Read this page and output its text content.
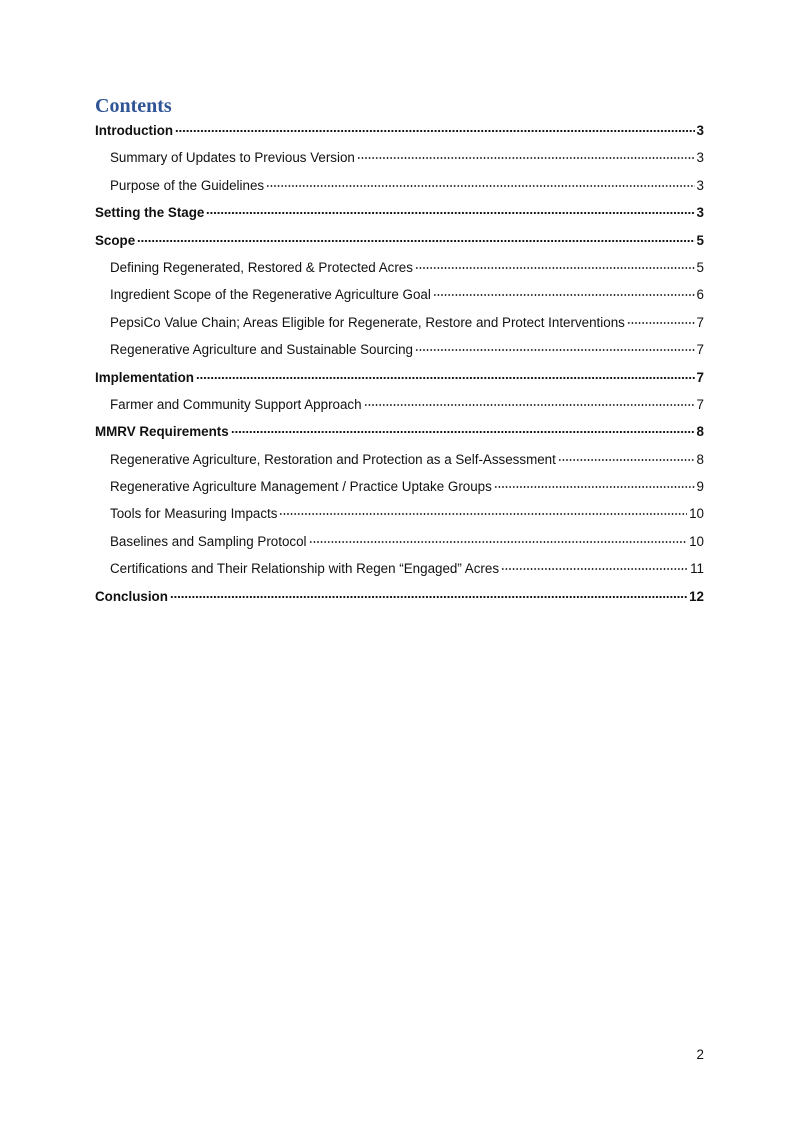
Contents
Introduction	3
Summary of Updates to Previous Version	3
Purpose of the Guidelines	3
Setting the Stage	3
Scope	5
Defining Regenerated, Restored & Protected Acres	5
Ingredient Scope of the Regenerative Agriculture Goal	6
PepsiCo Value Chain; Areas Eligible for Regenerate, Restore and Protect Interventions	7
Regenerative Agriculture and Sustainable Sourcing	7
Implementation	7
Farmer and Community Support Approach	7
MMRV Requirements	8
Regenerative Agriculture, Restoration and Protection as a Self-Assessment	8
Regenerative Agriculture Management / Practice Uptake Groups	9
Tools for Measuring Impacts	10
Baselines and Sampling Protocol	10
Certifications and Their Relationship with Regen “Engaged” Acres	11
Conclusion	12
2
